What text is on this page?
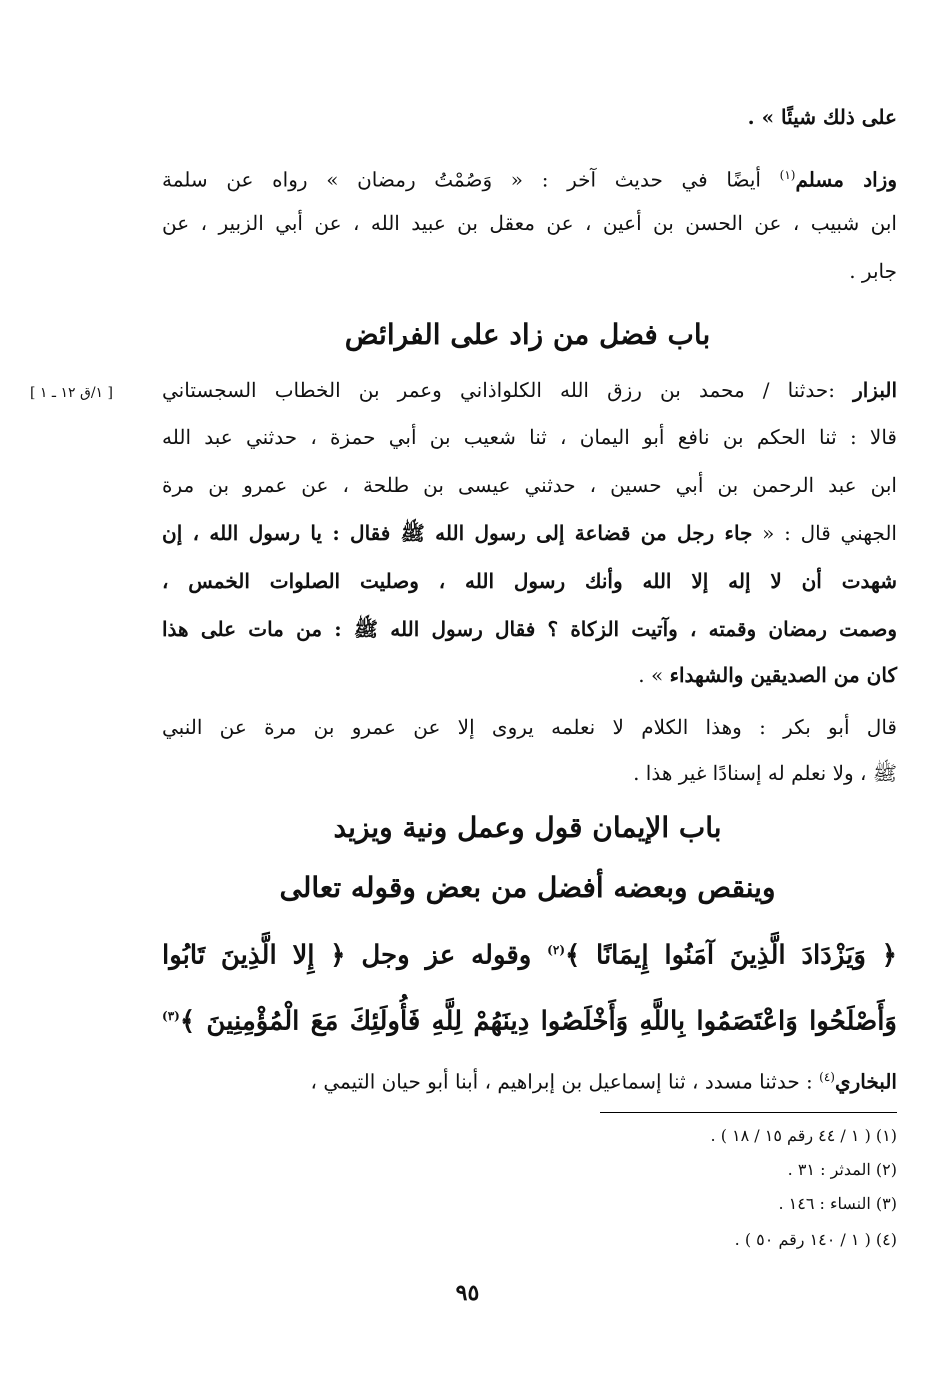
على ذلك شيئًا » .
وزاد مسلم$^{(١)}$ أيضًا في حديث آخر : « وَصُمْتُ رمضان » رواه عن سلمة
ابن شبيب ، عن الحسن بن أعين ، عن معقل بن عبيد الله ، عن أبي الزبير ، عن
جابر .
باب فضل من زاد على الفرائض
[ ١/ق ١٢ ـ ١ ]	البزار :حدثنا / محمد بن رزق الله الكلواذاني وعمر بن الخطاب السجستاني
قالا : ثنا الحكم بن نافع أبو اليمان ، ثنا شعيب بن أبي حمزة ، حدثني عبد الله
ابن عبد الرحمن بن أبي حسين ، حدثني عيسى بن طلحة ، عن عمرو بن مرة
الجهني قال : « جاء رجل من قضاعة إلى رسول الله ﷺ فقال : يا رسول الله ، إن
شهدت أن لا إله إلا الله وأنك رسول الله ، وصليت الصلوات الخمس ،
وصمت رمضان وقمته ، وآتيت الزكاة ؟ فقال رسول الله ﷺ : من مات على هذا
كان من الصديقين والشهداء » .
قال أبو بكر : وهذا الكلام لا نعلمه يروى إلا عن عمرو بن مرة عن النبي
ﷺ ، ولا نعلم له إسنادًا غير هذا .
باب الإيمان قول وعمل ونية ويزيد
وينقص وبعضه أفضل من بعض وقوله تعالى
﴿ وَيَزْدَادَ الَّذِينَ آمَنُوا إِيمَانًا ﴾$^{(٢)}$ وقوله عز وجل ﴿ إِلا الَّذِينَ تَابُوا
وَأَصْلَحُوا وَاعْتَصَمُوا بِاللَّهِ وَأَخْلَصُوا دِينَهُمْ لِلَّهِ فَأُولَئِكَ مَعَ الْمُؤْمِنِينَ ﴾$^{(٣)}$
البخاري$^{(٤)}$ : حدثنا مسدد ، ثنا إسماعيل بن إبراهيم ، أبنا أبو حيان التيمي ،
(١) ( ١ / ٤٤ رقم ١٥ / ١٨ ) .
(٢) المدثر : ٣١ .
(٣) النساء : ١٤٦ .
(٤) ( ١ / ١٤٠ رقم ٥٠ ) .
٩٥
